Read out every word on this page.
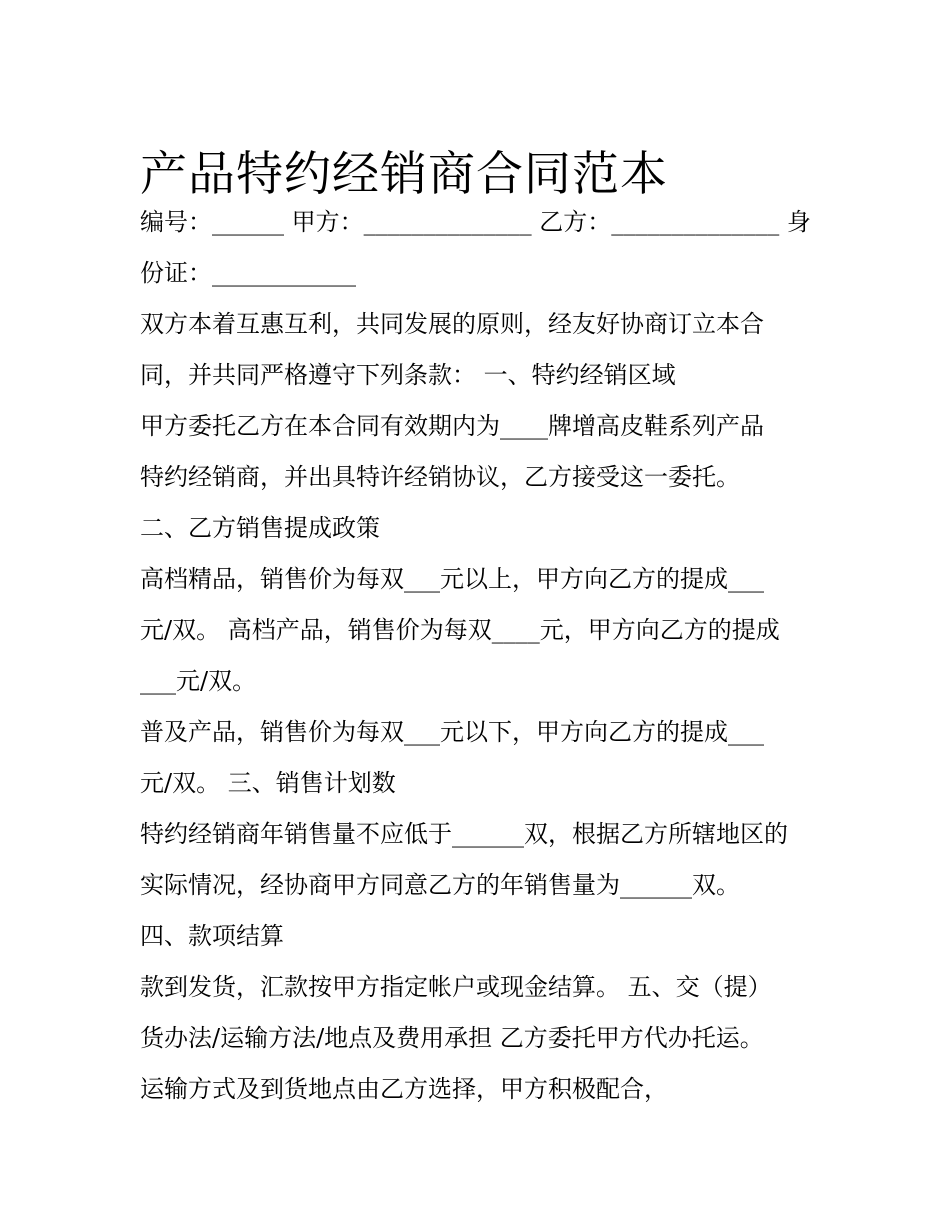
产品特约经销商合同范本
编号：______ 甲方：______________ 乙方：______________ 身
份证：____________
双方本着互惠互利，共同发展的原则，经友好协商订立本合
同，并共同严格遵守下列条款： 一、特约经销区域
甲方委托乙方在本合同有效期内为____牌增高皮鞋系列产品
特约经销商，并出具特许经销协议，乙方接受这一委托。
二、乙方销售提成政策
高档精品，销售价为每双___元以上，甲方向乙方的提成___
元/双。 高档产品，销售价为每双____元，甲方向乙方的提成
___元/双。
普及产品，销售价为每双___元以下，甲方向乙方的提成___
元/双。 三、销售计划数
特约经销商年销售量不应低于______双，根据乙方所辖地区的
实际情况，经协商甲方同意乙方的年销售量为______双。
四、款项结算
款到发货，汇款按甲方指定帐户或现金结算。 五、交（提）
货办法/运输方法/地点及费用承担 乙方委托甲方代办托运。
运输方式及到货地点由乙方选择，甲方积极配合，
